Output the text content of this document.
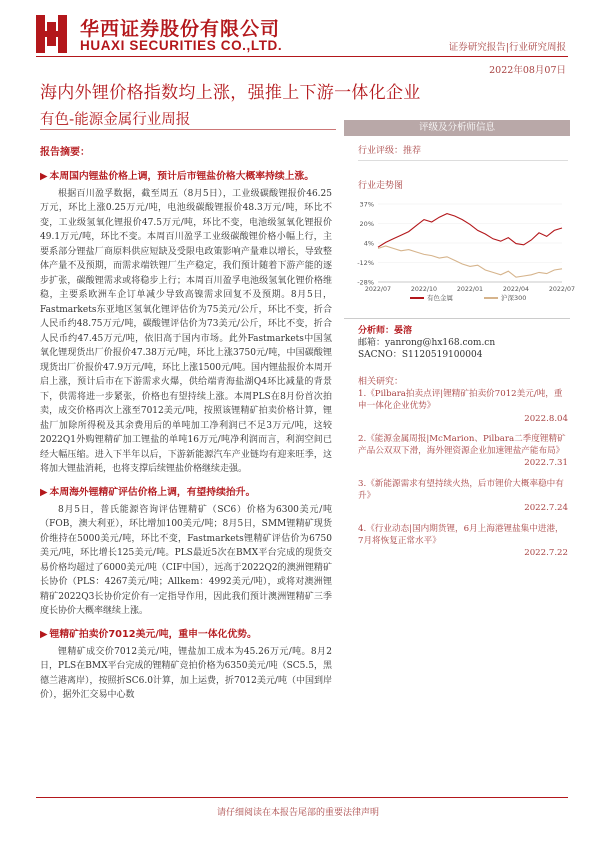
华西证券股份有限公司
HUAXI SECURITIES CO.,LTD.	证券研究报告|行业研究周报
2022年08月07日
海内外锂价格指数均上涨，强推上下游一体化企业
有色-能源金属行业周报
报告摘要：
▶ 本周国内锂盐价格上调，预计后市锂盐价格大概率持续上涨。

根据百川盈孚数据，截至周五（8月5日），工业级碳酸锂报价46.25万元，环比上涨0.25万元/吨，电池级碳酸锂报价48.3万元/吨，环比不变，工业级氢氧化锂报价47.5万元/吨，环比不变，电池级氢氧化锂报价49.1万元/吨，环比不变。本周百川盈孚工业级碳酸锂价格小幅上行，主要系部分锂盐厂商原料供应短缺及受限电政策影响产量难以增长，导致整体产量不及预期，而需求端铁锂厂生产稳定，我们预计随着下游产能的逐步扩张，碳酸锂需求或将稳步上行；本周百川盈孚电池级氢氧化锂价格维稳，主要系欧洲车企订单减少导致高镍需求回复不及预期。8月5日，Fastmarkets东亚地区氢氧化锂评估价为75美元/公斤，环比不变，折合人民币约48.75万元/吨，碳酸锂评估价为73美元/公斤，环比不变，折合人民币约47.45万元/吨，依旧高于国内市场。此外Fastmarkets中国氢氧化锂现货出厂价报价47.38万元/吨，环比上涨3750元/吨，中国碳酸锂现货出厂价报价47.9万元/吨，环比上涨1500元/吨。国内锂盐报价本周开启上涨，预计后市在下游需求火爆，供给端青海盐湖Q4环比减量的背景下，供需将进一步紧张，价格也有望持续上涨。本周PLS在8月份首次拍卖，成交价格再次上涨至7012美元/吨，按照该锂精矿拍卖价格计算，锂盐厂加除所得税及其余费用后的单吨加工净利润已不足3万元/吨，这较2022Q1外购锂精矿加工锂盐的单吨16万元/吨净利润而言，利润空间已经大幅压缩。进入下半年以后，下游新能源汽车产业链均有迎来旺季，这将加大锂盐消耗，也将支撑后续锂盐价格继续走强。

▶ 本周海外锂精矿评估价格上调，有望持续抬升。

8月5日，普氏能源咨询评估锂精矿（SC6）价格为6300美元/吨（FOB，澳大利亚），环比增加100美元/吨；8月5日，SMM锂精矿现货价维持在5000美元/吨，环比不变，Fastmarkets锂精矿评估价为6750美元/吨，环比增长125美元/吨。PLS最近5次在BMX平台完成的现货交易价格均超过了6000美元/吨（CIF中国），远高于2022Q2的澳洲锂精矿长协价（PLS：4267美元/吨；Allkem：4992美元/吨），或将对澳洲锂精矿2022Q3长协价定价有一定指导作用，因此我们预计澳洲锂精矿三季度长协价大概率继续上涨。

▶ 锂精矿拍卖价7012美元/吨，重申一体化优势。

锂精矿成交价7012美元/吨，锂盐加工成本为45.26万元/吨。8月2日，PLS在BMX平台完成的锂精矿竞拍价格为6350美元/吨（SC5.5，黑德兰港离岸），按照折SC6.0计算，加上运费，折7012美元/吨（中国到岸价），据外汇交易中心数

评级及分析师信息
行业评级：推荐
行业走势图
37%
20%
4%
-12%
-28%
2022/07	2022/10	2022/01	2022/04	2022/07
有色金属	沪深300
分析师：晏溶
邮箱：yanrong@hx168.com.cn
SACNO：S1120519100004
相关研究：

1.《Pilbara拍卖点评|锂精矿拍卖价7012美元/吨，重申一体化企业优势》

2022.8.04

2.《能源金属周报|McMarion、Pilbara二季度锂精矿产品公双双下滑，海外锂资源企业加速锂盐产能布局》

2022.7.31

3.《新能源需求有望持续火热，后市锂价大概率稳中有升》

2022.7.24

4.《行业动态|国内期货锂，6月上海港锂盐集中进港，7月将恢复正常水平》

2022.7.22
请仔细阅读在本报告尾部的重要法律声明
